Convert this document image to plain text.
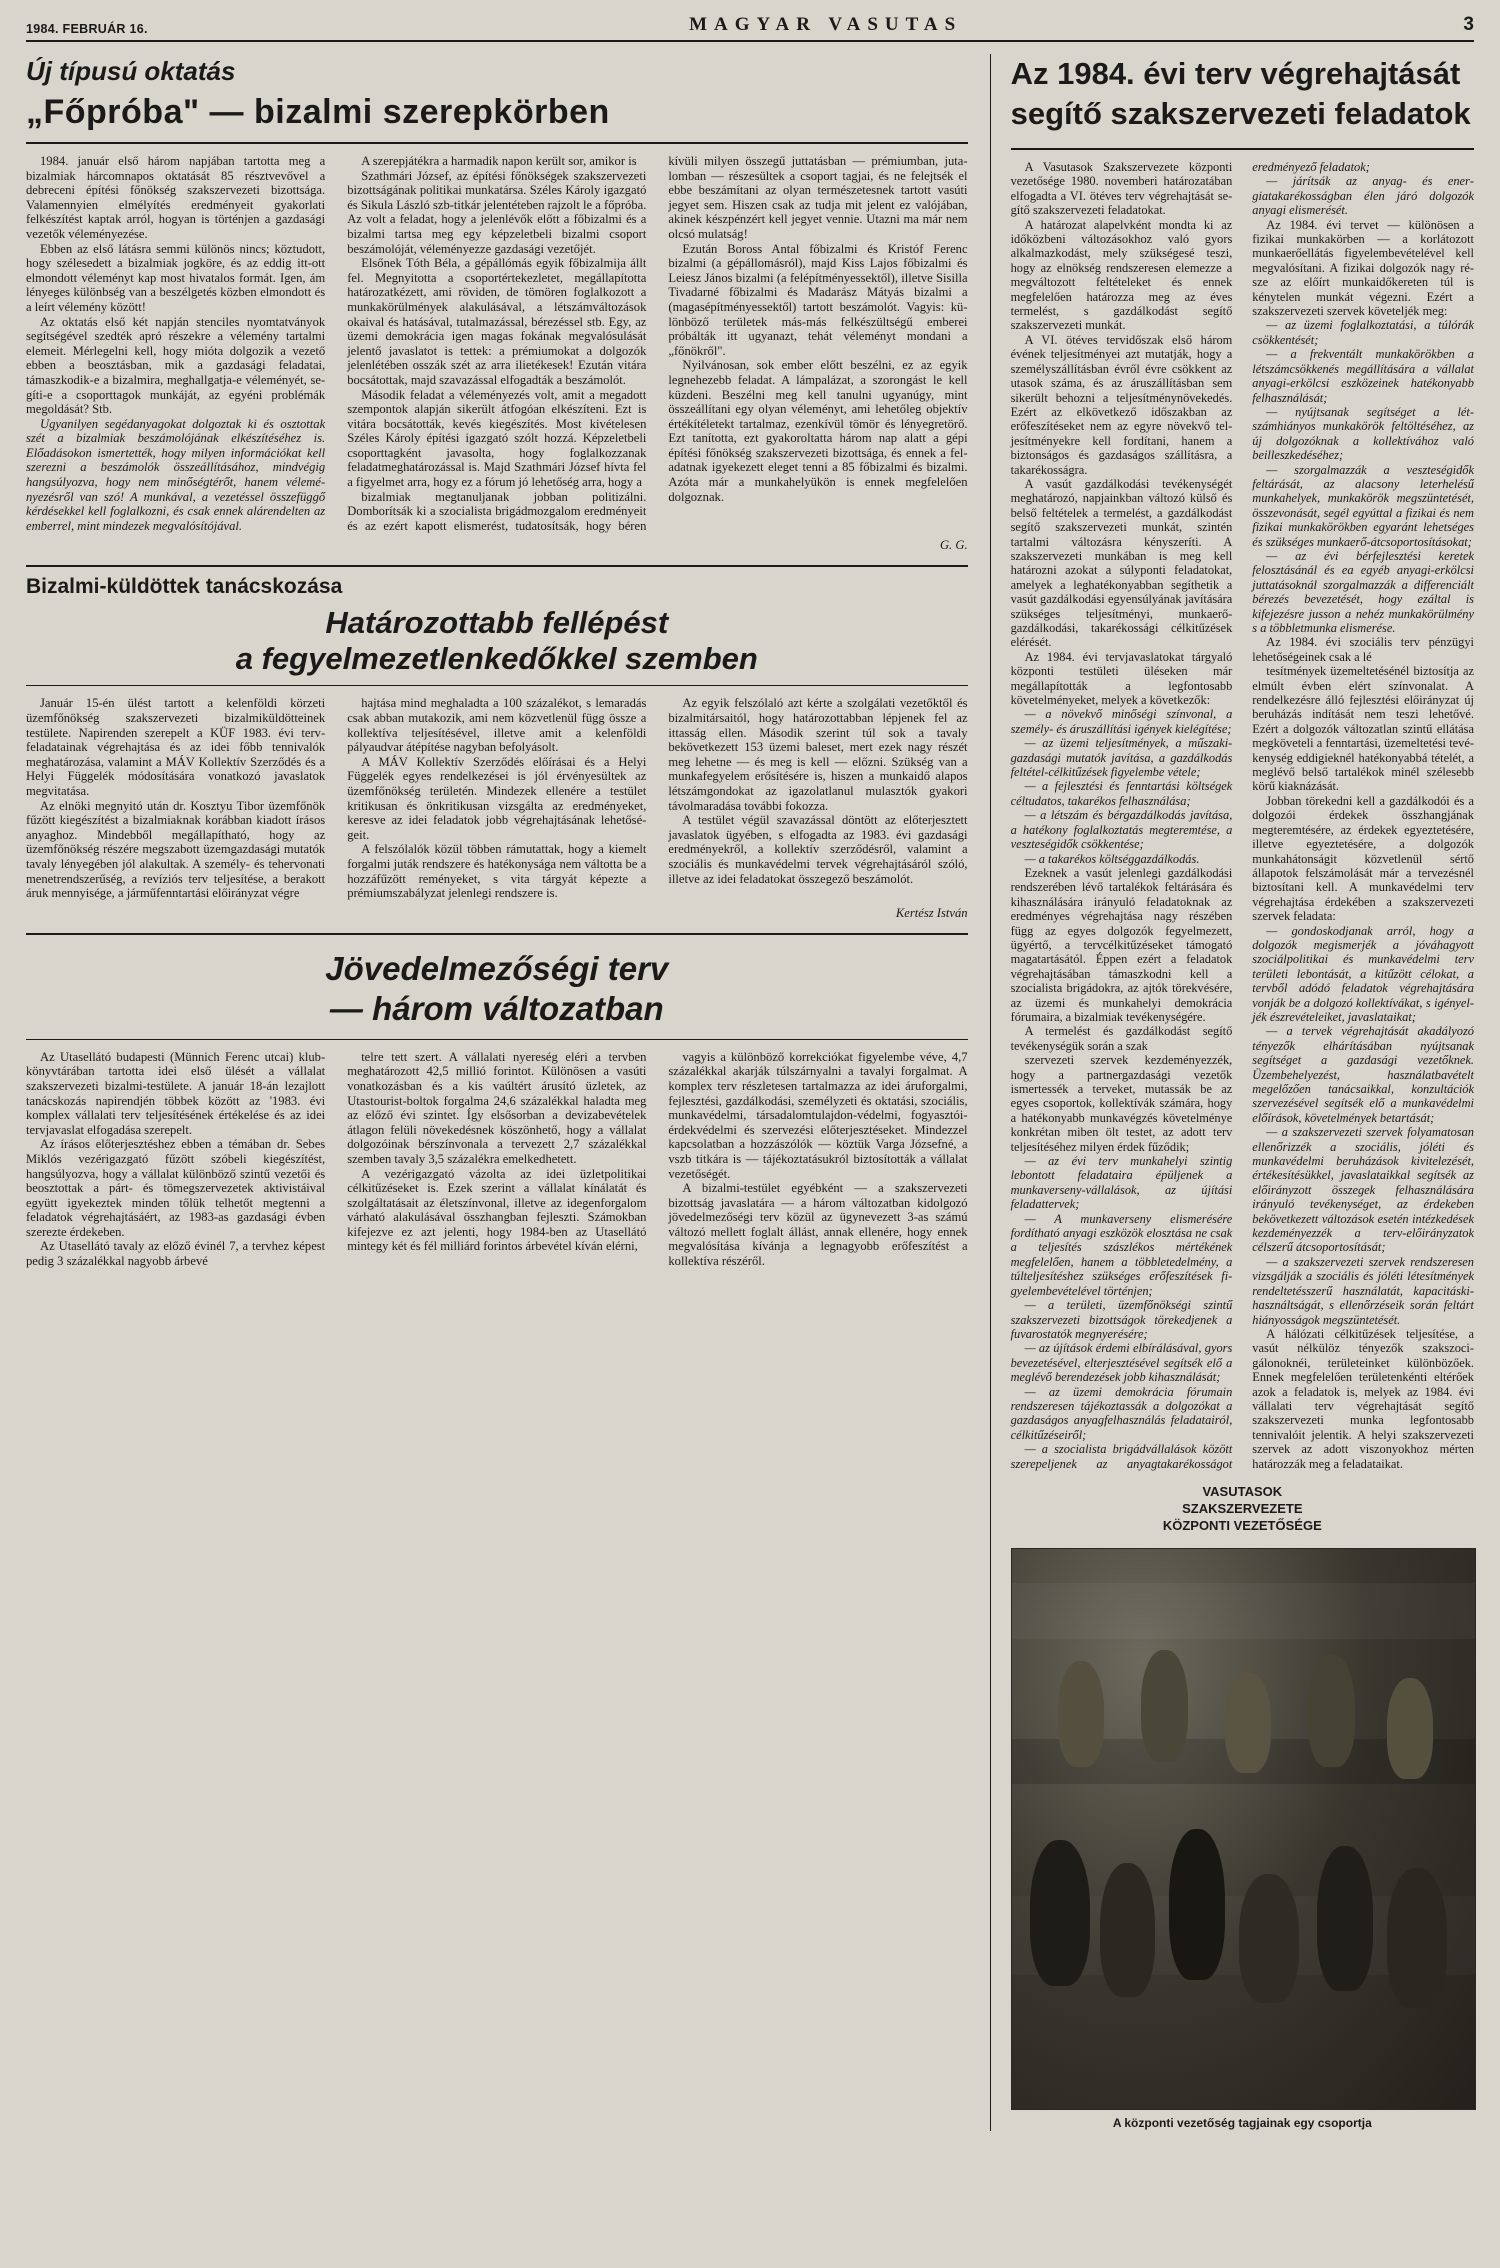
1984. FEBRUÁR 16.	MAGYAR VASUTAS	3
Új típusú oktatás
„Főpróba" — bizalmi szerepkörben

1984. január első három napjában tartotta meg a bizalmiak hárcomnapos oktatását 85 résztvevővel a debreceni építési főnökség szakszervezeti bizottsága. Valamennyien elmélyítés eredményeit gyakorlati felkészítést kaptak arról, hogyan is történjen a gazdasági vezetők véleményezése.

Ebben az első látásra semmi különös nincs; köztudott, hogy szélesedett a bizalmiak jogköre, és az eddig itt-ott elmondott véleményt kap most hivatalos formát. Igen, ám lényeges különbség van a beszélgetés közben elmondott és a leírt vélemény között!

Az oktatás első két napján stenciles nyomtatványok segítségével szedték apró részekre a vélemény tartalmi elemeit. Mérlegelni kell, hogy mióta dolgozik a vezető ebben a beosztásban, mik a gazdasági feladatai, támaszkodik-e a bizalmira, meghallgatja-e véleményét, segíti-e a csoporttagok munkáját, az egyéni problémák megoldását? Stb.

Ugyanilyen segédanyagokat dolgoztak ki és osztottak szét a bizalmiak beszámolójának elkészítéséhez is. Előadásokon ismertették, hogy milyen információkat kell szerezni a beszámolók összeállításához, mindvégig hangsúlyozva, hogy nem minőségtérőt, hanem véleményezésről van szó! A munkával, a vezetéssel összefüggő kérdésekkel kell foglalkozni, és csak ennek alárendelten az emberrel, mint mindezek megvalósítójával.

A szerepjátékra a harmadik napon került sor, amikor is

Szathmári József, az építési főnökségek szakszervezeti bizottságának politikai munkatársa. Széles Károly igazgató és Sikula László szb-titkár jelentéteben rajzolt le a főpróba. Az volt a feladat, hogy a jelenlévők előtt a főbizalmi és a bizalmi tartsa meg egy képzeletbeli bizalmi csoport beszámolóját, véleményezze gazdasági vezetőjét.

Elsőnek Tóth Béla, a gépállómás egyik főbizalmija állt fel. Megnyitotta a csoportértekezletet, megállapította határozatkézett, ami röviden, de tömören foglalkozott a munkakörülmények alakulásával, a létszámváltozások okaival és hatásával, tutalmazással, bérezéssel stb. Egy, az üzemi demokrácia igen magas fokának megvalósulását jelentő javaslatot is tettek: a prémiumokat a dolgozók jelenlétében osszák szét az arra ilietékesek! Ezután vitára bocsátottak, majd szavazással elfogadták a beszámolót.

Második feladat a véleményezés volt, amit a megadott szempontok alapján sikerült átfogóan elkészíteni. Ezt is vitára bocsátották, kevés kiegészítés. Most kivételesen Széles Károly építési igazgató szólt hozzá. Képzeletbeli csoporttagként javasolta, hogy foglalkozzanak feladatmeghatározással is. Majd Szathmári József hívta fel a figyelmet arra, hogy ez a fórum jó lehetőség arra, hogy a

bizalmiak megtanuljanak jobban politizálni. Domborítsák ki a szocialista brigádmozgalom eredményeit és az ezért kapott elismerést, tudatosítsák, hogy béren kívüli milyen összegű juttatásban — prémiumban, jutalomban — részesültek a csoport tagjai, és ne felejtsék el ebbe beszámítani az olyan természetesnek tartott vasúti jegyet sem. Hiszen csak az tudja mit jelent ez valójában, akinek készpénzért kell jegyet vennie. Utazni ma már nem olcsó mulatság!

Ezután Boross Antal főbizalmi és Kristóf Ferenc bizalmi (a gépállomásról), majd Kiss Lajos főbizalmi és Leiesz János bizalmi (a felépítményessektől), illetve Sisilla Tivadarné főbizalmi és Madarász Mátyás bizalmi a (magasépítményessektől) tartott beszámolót. Vagyis: különböző területek más-más felkészültségű emberei próbálták itt ugyanazt, tehát véleményt mondani a „főnökről".

Nyilvánosan, sok ember előtt beszélni, ez az egyik legnehezebb feladat. A lámpalázat, a szorongást le kell küzdeni. Beszélni meg kell tanulni ugyanúgy, mint összeállítani egy olyan véleményt, ami lehetőleg objektív értékítéletekt tartalmaz, ezenkívül tömör és lényegretörő. Ezt tanította, ezt gyakoroltatta három nap alatt a gépi építési főnökség szakszervezeti bizottsága, és ennek a feladatnak igyekezett eleget tenni a 85 főbizalmi és bizalmi. Azóta már a munkahelyükön is ennek megfelelően dolgoznak.

G. G.
Bizalmi-küldöttek tanácskozása
Határozottabb fellépést
a fegyelmezetlenkedőkkel szemben

Január 15-én ülést tartott a kelenföldi körzeti üzemfőnökség szakszervezeti bizalmiküldötteinek testülete. Napirenden szerepelt a KÜF 1983. évi tervfeladatainak végrehajtása és az idei főbb tennivalók meghatározása, valamint a MÁV Kollektív Szerződés és a Helyi Függelék módosítására vonatkozó javaslatok megvitatása.

Az elnöki megnyitó után dr. Kosztyu Tibor üzemfőnök fűzött kiegészítést a bizalmiaknak korábban kiadott írásos anyaghoz. Mindebből megállapítható, hogy az üzemfőnökség részére megszabott üzemgazdasági mutatók tavaly lényegében jól alakultak. A személy- és tehervonati menetrendszerűség, a revíziós terv teljesítése, a berakott áruk mennyisége, a járműfenntartási előirányzat végre

hajtása mind meghaladta a 100 százalékot, s lemaradás csak abban mutakozik, ami nem közvetlenül függ össze a kollektíva teljesítésével, illetve amit a kelenföldi pályaudvar átépítése nagyban befolyásolt.

A MÁV Kollektív Szerződés előírásai és a Helyi Függelék egyes rendelkezései is jól érvényesültek az üzemfőnökség területén. Mindezek ellenére a testület kritikusan és önkritikusan vizsgálta az eredményeket, keresve az idei feladatok jobb végrehajtásának lehetőségeit.

A felszólalók közül többen rámutattak, hogy a kiemelt forgalmi juták rendszere és hatékonysága nem váltotta be a hozzáfűzött reményeket, s vita tárgyát képezte a prémiumszabályzat jelenlegi rendszere is.

Az egyik felszólaló azt kérte a szolgálati vezetőktől és bizalmitársaitól, hogy határozottabban lépjenek fel az ittasság ellen. Második szerint túl sok a tavaly bekövetkezett 153 üzemi baleset, mert ezek nagy részét meg lehetne — és meg is kell — előzni. Szükség van a munkafegyelem erősítésére is, hiszen a munkaidő alapos létszámgondokat az igazolatlanul mulasztók gyakori távolmaradása további fokozza.

A testület végül szavazással döntött az előterjesztett javaslatok ügyében, s elfogadta az 1983. évi gazdasági eredményekről, a kollektív szerződésről, valamint a szociális és munkavédelmi tervek végrehajtásáról szóló, illetve az idei feladatokat összegező beszámolót.

Kertész István
Jövedelmezőségi terv
— három változatban

Az Utasellátó budapesti (Münnich Ferenc utcai) klubkönyvtárában tartotta idei első ülését a vállalat szakszervezeti bizalmi-testülete. A január 18-án lezajlott tanácskozás napirendjén többek között az '1983. évi komplex vállalati terv teljesítésének értékelése és az idei tervjavaslat elfogadása szerepelt.

Az írásos előterjesztéshez ebben a témában dr. Sebes Miklós vezérigazgató fűzött szóbeli kiegészítést, hangsúlyozva, hogy a vállalat különböző szintű vezetői és beosztottak a párt- és tömegszervezetek aktivistáival együtt igyekeztek minden tőlük telhetőt megtenni a feladatok végrehajtásáért, az 1983-as gazdasági évben szerezte érdekeben.

Az Utasellátó tavaly az előző évinél 7, a tervhez képest pedig 3 százalékkal nagyobb árbevé

telre tett szert. A vállalati nyereség eléri a tervben meghatározott 42,5 millió forintot. Különösen a vasúti vonatkozásban és a kis vaúltért árusító üzletek, az Utastourist-boltok forgalma 24,6 százalékkal haladta meg az előző évi szintet. Így elsősorban a devizabevételek átlagon felüli növekedésnek köszönhető, hogy a vállalat dolgozóinak bérszínvonala a tervezett 2,7 százalékkal szemben tavaly 3,5 százalékra emelkedhetett.

A vezérigazgató vázolta az idei üzletpolitikai célkitűzéseket is. Ezek szerint a vállalat kínálatát és szolgáltatásait az életszínvonal, illetve az idegenforgalom várható alakulásával összhangban fejleszti. Számokban kifejezve ez azt jelenti, hogy 1984-ben az Utasellátó mintegy két és fél milliárd forintos árbevétel kíván elérni,

vagyis a különböző korrekciókat figyelembe véve, 4,7 százalékkal akarják túlszárnyalni a tavalyi forgalmat. A komplex terv részletesen tartalmazza az idei áruforgalmi, fejlesztési, gazdálkodási, személyzeti és oktatási, szociális, munkavédelmi, társadalomtulajdon-védelmi, fogyasztói-érdekvédelmi és szervezési előterjesztéseket. Mindezzel kapcsolatban a hozzászólók — köztük Varga Józsefné, a vszb titkára is — tájékoztatásukról biztosították a vállalat vezetőségét.

A bizalmi-testület egyébként — a szakszervezeti bizottság javaslatára — a három változatban kidolgozó jövedelmezőségi terv közül az ügynevezett 3-as számú változó mellett foglalt állást, annak ellenére, hogy ennek megvalósítása kívánja a legnagyobb erőfeszítést a kollektíva részéről.

Az 1984. évi terv végrehajtását
segítő szakszervezeti feladatok

A Vasutasok Szakszervezete központi vezetősége 1980. novemberi határozatában elfogadta a VI. ötéves terv végrehajtását segítő szakszervezeti feladatokat.

A határozat alapelvként mondta ki az időközbeni változásokhoz való gyors alkalmazkodást, mely szükségesé teszi, hogy az elnökség rendszeresen elemezze a megváltozott feltételeket és ennek megfelelően határozza meg az éves termelést, s gazdálkodást segítő szakszervezeti munkát.

A VI. ötéves tervidőszak első három évének teljesítményei azt mutatják, hogy a személyszállításban évről évre csökkent az utasok száma, és az áruszállításban sem sikerült behozni a teljesítménynövekedés. Ezért az elkövetkező időszakban az erőfeszítéseket nem az egyre növekvő teljesítményekre kell fordítani, hanem a biztonságos és gazdaságos szállításra, a takarékosságra.

A vasút gazdálkodási tevékenységét meghatározó, napjainkban változó külső és belső feltételek a termelést, a gazdálkodást segítő szakszervezeti munkát, szintén tartalmi változásra kényszeríti. A szakszervezeti munkában is meg kell határozni azokat a súlyponti feladatokat, amelyek a leghatékonyabban segíthetik a vasút gazdálkodási egyensúlyának javítására szükséges teljesítményi, munkaerőgazdálkodási, takarékossági célkitűzések elérését.

Az 1984. évi tervjavaslatokat tárgyaló központi testületi üléseken már megállapították a legfontosabb követelményeket, melyek a következők:

— a növekvő minőségi színvonal, a személy- és áruszállítási igények kielégítése;

— az üzemi teljesítmények, a műszaki-gazdasági mutatók javítása, a gazdálkodás feltétel-célkitűzések figyelembe vétele;

— a fejlesztési és fenntartási költségek céltudatos, takarékos felhasználása;

— a létszám és bérgazdálkodás javítása, a hatékony foglalkoztatás megteremtése, a veszteségidők csökkentése;

— a takarékos költséggazdálkodás.

Ezeknek a vasút jelenlegi gazdálkodási rendszerében lévő tartalékok feltárására és kihasználására irányuló feladatoknak az eredményes végrehajtása nagy részében függ az egyes dolgozók fegyelmezett, ügyértő, a tervcélkitűzéseket támogató magatartásától. Éppen ezért a feladatok végrehajtásában támaszkodni kell a szocialista brigádokra, az ajtók törekvésére, az üzemi és munkahelyi demokrácia fórumaira, a bizalmiak tevékenységére.

A termelést és gazdálkodást segítő tevékenységük során a szak

szervezeti szervek kezdeményezzék, hogy a partnergazdasági vezetők ismertessék a terveket, mutassák be az egyes csoportok, kollektívák számára, hogy a hatékonyabb munkavégzés követelménye konkrétan miben ölt testet, az adott terv teljesítéséhez milyen érdek fűződik;

— az évi terv munkahelyi szintig lebontott feladataira épüljenek a munkaverseny-vállalások, az újítási feladattervek;

— A munkaverseny elismerésére fordítható anyagi eszközök elosztása ne csak a teljesítés szászlékos mértékének megfelelően, hanem a többletedelmény, a túlteljesítéshez szükséges erőfeszítések figyelembevételével történjen;

— a területi, üzemfőnökségi szintű szakszervezeti bizottságok törekedjenek a fuvarostatók megnyerésére;

— az újítások érdemi elbírálásával, gyors bevezetésével, elterjesztésével segítsék elő a meglévő berendezések jobb kihasználását;

— az üzemi demokrácia fórumain rendszeresen tájékoztassák a dolgozókat a gazdaságos anyagfelhasználás feladatairól, célkitűzéseiről;

— a szocialista brigádvállalások között szerepeljenek az anyagtakarékosságot eredményező feladatok;

— járítsák az anyag- és energiatakarékosságban élen járó dolgozók anyagi elismerését.

Az 1984. évi tervet — különösen a fizikai munkakörben — a korlátozott munkaerőellátás figyelembevételével kell megvalósítani. A fizikai dolgozók nagy része az előírt munkaidőkereten túl is kénytelen munkát végezni. Ezért a szakszervezeti szervek követeljék meg:

— az üzemi foglalkoztatási, a túlórák csökkentését;

— a frekventált munkakörökben a létszámcsökkenés megállítására a vállalat anyagi-erkölcsi eszközeinek hatékonyabb felhasználását;

— nyújtsanak segítséget a létszámhiányos munkakörök feltöltéséhez, az új dolgozóknak a kollektívához való beilleszkedéséhez;

— szorgalmazzák a veszteségidők feltárását, az alacsony leterhelésű munkahelyek, munkakörök megszüntetését, összevonását, segél egyúttal a fizikai és nem fizikai munkakörökben egyaránt lehetséges és szükséges munkaerő-átcsoportosításokat;

— az évi bérfejlesztési keretek felosztásánál és ea egyéb anyagi-erkölcsi juttatásoknál szorgalmazzák a differenciált bérezés bevezetését, hogy ezáltal is kifejezésre jusson a nehéz munkakörülmény s a többletmunka elismerése.

Az 1984. évi szociális terv pénzügyi lehetőségeinek csak a lé

tesítmények üzemeltetésénél biztosítja az elmúlt évben elért színvonalat. A rendelkezésre álló fejlesztési előirányzat új beruházás indítását nem teszi lehetővé. Ezért a dolgozók változatlan szintű ellátása megköveteli a fenntartási, üzemeltetési tevékenység eddigieknél hatékonyabbá tételét, a meglévő belső tartalékok minél szélesebb körű kiaknázását.

Jobban törekedni kell a gazdálkodói és a dolgozói érdekek összhangjának megteremtésére, az érdekek egyeztetésére, illetve egyeztetésére, a dolgozók munkahátonságit közvetlenül sértő állapotok felszámolását már a tervezésnél biztosítani kell. A munkavédelmi terv végrehajtása érdekében a szakszervezeti szervek feladata:

— gondoskodjanak arról, hogy a dolgozók megismerjék a jóváhagyott szociálpolitikai és munkavédelmi terv területi lebontását, a kitűzött célokat, a tervből adódó feladatok végrehajtására vonják be a dolgozó kollektívákat, s igényeljék észrevételeiket, javaslataikat;

— a tervek végrehajtását akadályozó tényezők elhárításában nyújtsanak segítséget a gazdasági vezetőknek. Üzembehelyezést, használatbavételt megelőzően tanácsaikkal, konzultációk szervezésével segítsék elő a munkavédelmi előírások, követelmények betartását;

— a szakszervezeti szervek folyamatosan ellenőrizzék a szociális, jóléti és munkavédelmi beruházások kivitelezését, értékesítésükkel, javaslataikkal segítsék az előirányzott összegek felhasználására irányuló tevékenységet, az érdekeben bekövetkezett változások esetén intézkedések kezdeményezzék a terv-előirányzatok célszerű átcsoportosítását;

— a szakszervezeti szervek rendszeresen vizsgálják a szociális és jóléti létesítmények rendeltetésszerű használatát, kapacitáskihasználtságát, s ellenőrzéseik során feltárt hiányosságok megszüntetését.

A hálózati célkitűzések teljesítése, a vasút nélkülöz tényezők szakszocigálonoknéi, területeinket különbözőek. Ennek megfelelően területenkénti eltérőek azok a feladatok is, melyek az 1984. évi vállalati terv végrehajtását segítő szakszervezeti munka legfontosabb tennivalóit jelentik. A helyi szakszervezeti szervek az adott viszonyokhoz mérten határozzák meg a feladataikat.

VASUTASOK
SZAKSZERVEZETE
KÖZPONTI VEZETŐSÉGE
A központi vezetőség tagjainak egy csoportja
